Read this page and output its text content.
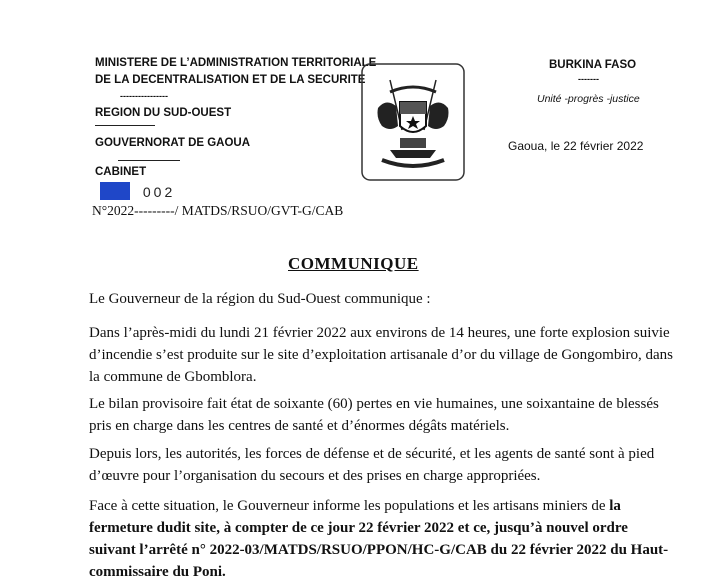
MINISTERE DE L’ADMINISTRATION TERRITORIALE
DE LA DECENTRALISATION ET DE LA SECURITE
----------------
REGION DU SUD-OUEST
GOUVERNORAT DE GAOUA
CABINET
002
N°2022---------/ MATDS/RSUO/GVT-G/CAB
BURKINA FASO
-------
Unité -progrès -justice
Gaoua, le 22 février 2022
COMMUNIQUE
Le Gouverneur de la région du Sud-Ouest communique :
Dans l’après-midi du lundi 21 février 2022 aux environs de 14 heures, une forte explosion suivie
d’incendie s’est produite sur le site d’exploitation artisanale d’or du village de Gongombiro, dans
la commune de Gbomblora.
Le bilan provisoire fait état de soixante (60) pertes en vie humaines, une soixantaine de blessés
pris en charge dans les centres de santé et d’énormes dégâts matériels.
Depuis lors, les autorités, les forces de défense et de sécurité, et les agents de santé sont à pied
d’œuvre pour l’organisation du secours et des prises en charge appropriées.
Face à cette situation, le Gouverneur informe les populations et les artisans miniers de la
fermeture dudit site, à compter de ce jour 22 février 2022 et ce, jusqu’à nouvel ordre
suivant l’arrêté n° 2022-03/MATDS/RSUO/PPON/HC-G/CAB du 22 février 2022 du Haut-
commissaire du Poni.
